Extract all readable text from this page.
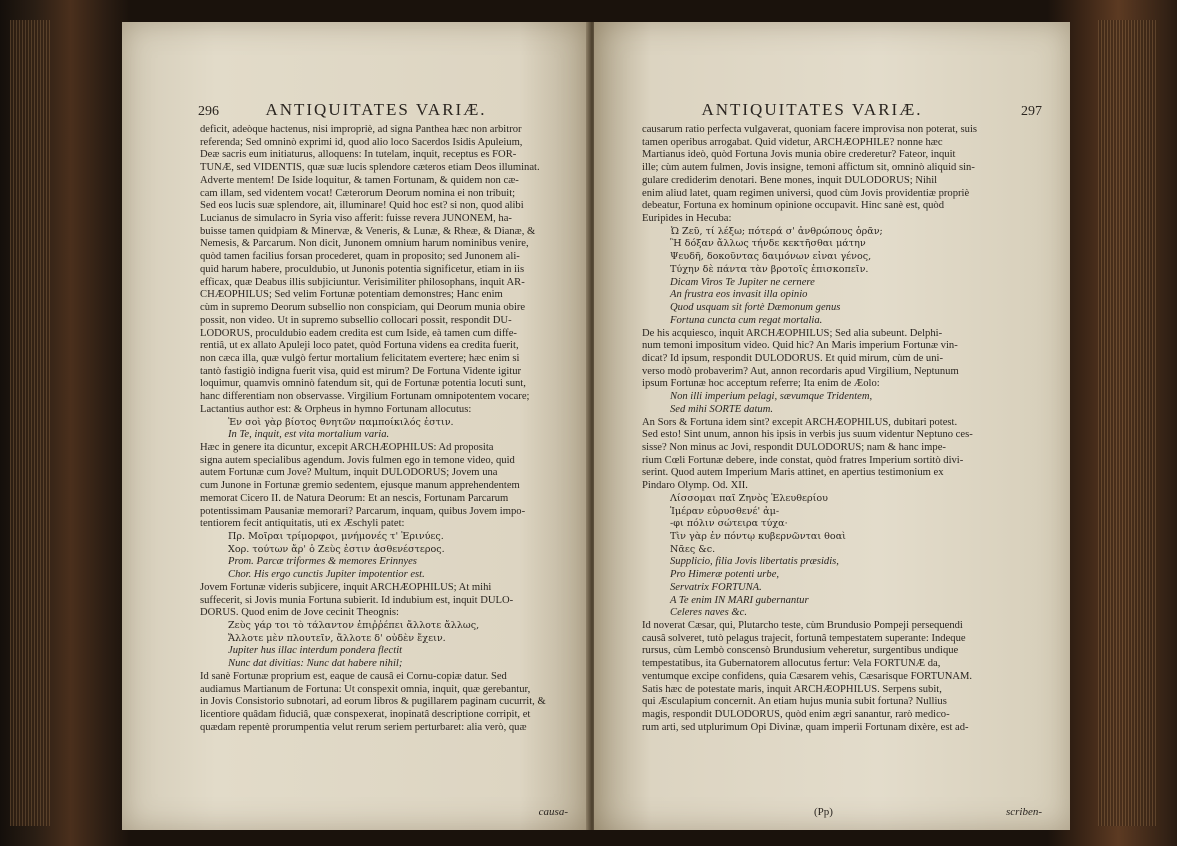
296	ANTIQUITATES VARIÆ.
deficit, adeòque hactenus, nisi impropriè, ad signa Panthea hæc non arbitror
referenda; Sed omninò exprimi id, quod alio loco Sacerdos Isidis Apuleium,
Deæ sacris eum initiaturus, alloquens: In tutelam, inquit, receptus es FOR-
TUNÆ, sed VIDENTIS, quæ suæ lucis splendore cæteros etiam Deos illuminat.
Adverte mentem! De Iside loquitur, & tamen Fortunam, & quidem non cæ-
cam illam, sed videntem vocat! Cæterorum Deorum nomina ei non tribuit;
Sed eos lucis suæ splendore, ait, illuminare! Quid hoc est? si non, quod alibi
Lucianus de simulacro in Syria viso afferit: fuisse revera JUNONEM, ha-
buisse tamen quidpiam & Minervæ, & Veneris, & Lunæ, & Rheæ, & Dianæ, &
Nemesis, & Parcarum. Non dicit, Junonem omnium harum nominibus venire,
quòd tamen facilius forsan procederet, quam in proposito; sed Junonem ali-
quid harum habere, proculdubio, ut Junonis potentia significetur, etiam in iis
efficax, quæ Deabus illis subjiciuntur. Verisimiliter philosophans, inquit AR-
CHÆOPHILUS; Sed velim Fortunæ potentiam demonstres; Hanc enim
cùm in supremo Deorum subsellio non conspiciam, qui Deorum munia obire
possit, non video. Ut in supremo subsellio collocari possit, respondit DU-
LODORUS, proculdubio eadem credita est cum Iside, eà tamen cum diffe-
rentiâ, ut ex allato Apuleji loco patet, quòd Fortuna videns ea credita fuerit,
non cæca illa, quæ vulgò fertur mortalium felicitatem evertere; hæc enim si
tantò fastigiò indigna fuerit visa, quid est mirum? De Fortuna Vidente igitur
loquimur, quamvis omninò fatendum sit, qui de Fortunæ potentia locuti sunt,
hanc differentiam non observasse. Virgilium Fortunam omnipotentem vocare;
Lactantius author est: & Orpheus in hymno Fortunam allocutus:
Ἐν σοὶ γὰρ βίοτος θνητῶν παμποίκιλός ἐστιν.
In Te, inquit, est vita mortalium varia.
Hæc in genere ita dicuntur, excepit ARCHÆOPHILUS: Ad proposita
signa autem specialibus agendum. Jovis fulmen ego in temone video, quid
autem Fortunæ cum Jove? Multum, inquit DULODORUS; Jovem una
cum Junone in Fortunæ gremio sedentem, ejusque manum apprehendentem
memorat Cicero II. de Natura Deorum: Et an nescis, Fortunam Parcarum
potentissimam Pausaniæ memorari? Parcarum, inquam, quibus Jovem impo-
tentiorem fecit antiquitatis, uti ex Æschyli patet:
Πρ. Μοῖραι τρίμορφοι, μνήμονές τ' Ἐρινύες.
Χορ. τούτων ἄρ' ὁ Ζεὺς ἐστιν ἀσθενέστερος.
Prom. Parcæ triformes & memores Erinnyes
Chor. His ergo cunctis Jupiter impotentior est.
Jovem Fortunæ videris subjicere, inquit ARCHÆOPHILUS; At mihi
suffecerit, si Jovis munia Fortuna subierit. Id indubium est, inquit DULO-
DORUS. Quod enim de Jove cecinit Theognis:
Ζεὺς γάρ τοι τὸ τάλαντον ἐπιῤῥέπει ἄλλοτε ἄλλως,
Ἄλλοτε μὲν πλουτεῖν, ἄλλοτε δ' οὐδὲν ἔχειν.
Jupiter hus illac interdum pondera flectit
Nunc dat divitias: Nunc dat habere nihil;
Id sanè Fortunæ proprium est, eaque de causâ ei Cornu-copiæ datur. Sed
audiamus Martianum de Fortuna: Ut conspexit omnia, inquit, quæ gerebantur,
in Jovis Consistorio subnotari, ad eorum libros & pugillarem paginam cucurrit, &
licentiore quâdam fiduciâ, quæ conspexerat, inopinatâ descriptione corripit, et
quædam repentè prorumpentia velut rerum seriem perturbaret: alia verò, quæ
causa-
ANTIQUITATES VARIÆ.	297
causarum ratio perfecta vulgaverat, quoniam facere improvisa non poterat, suis
tamen operibus arrogabat. Quid videtur, ARCHÆOPHILE? nonne hæc
Martianus ideò, quòd Fortuna Jovis munia obire crederetur? Fateor, inquit
ille; cùm autem fulmen, Jovis insigne, temoni affictum sit, omninò aliquid sin-
gulare crediderim denotari. Bene mones, inquit DULODORUS; Nihil
enim aliud latet, quam regimen universi, quod cùm Jovis providentiæ propriè
debeatur, Fortuna ex hominum opinione occupavit. Hinc sanè est, quòd
Euripides in Hecuba:
Ὦ Ζεῦ, τί λέξω; πότερά σ' ἀνθρώπους ὁρᾶν;
Ἢ δόξαν ἄλλως τήνδε κεκτῆσθαι μάτην
Ψευδῆ, δοκοῦντας δαιμόνων εἶναι γένος,
Τύχην δὲ πάντα τὰν βροτοῖς ἐπισκοπεῖν.
Dicam Viros Te Jupiter ne cernere
An frustra eos invasit illa opinio
Quod usquam sit fortè Dæmonum genus
Fortuna cuncta cum regat mortalia.
De his acquiesco, inquit ARCHÆOPHILUS; Sed alia subeunt. Delphi-
num temoni impositum video. Quid hic? An Maris imperium Fortunæ vin-
dicat? Id ipsum, respondit DULODORUS. Et quid mirum, cùm de uni-
verso modò probaverim? Aut, annon recordaris apud Virgilium, Neptunum
ipsum Fortunæ hoc acceptum referre; Ita enim de Æolo:
Non illi imperium pelagi, sævumque Tridentem,
Sed mihi SORTE datum.
An Sors & Fortuna idem sint? excepit ARCHÆOPHILUS, dubitari potest.
Sed esto! Sint unum, annon his ipsis in verbis jus suum videntur Neptuno ces-
sisse? Non minus ac Jovi, respondit DULODORUS; nam & hanc impe-
rium Cœli Fortunæ debere, inde constat, quòd fratres Imperium sortitò divi-
serint. Quod autem Imperium Maris attinet, en apertius testimonium ex
Pindaro Olymp. Od. XII.
Λίσσομαι παῖ Ζηνὸς Ἐλευθερίου
Ἱμέραν εὐρυσθενέ' ἀμ-
-φι πόλιν σώτειρα τύχα·
Τὶν γὰρ ἐν πόντῳ κυβερνῶνται θοαὶ
Νᾶες &c.
Supplicio, filia Jovis libertatis præsidis,
Pro Himeræ potenti urbe,
Servatrix FORTUNA.
A Te enim IN MARI gubernantur
Celeres naves &c.
Id noverat Cæsar, qui, Plutarcho teste, cùm Brundusio Pompeji persequendi
causâ solveret, tutò pelagus trajecit, fortunâ tempestatem superante: Indeque
rursus, cùm Lembò conscensò Brundusium veheretur, surgentibus undique
tempestatibus, ita Gubernatorem allocutus fertur: Vela FORTUNÆ da,
ventumque excipe confidens, quia Cæsarem vehis, Cæsarisque FORTUNAM.
Satis hæc de potestate maris, inquit ARCHÆOPHILUS. Serpens subit,
qui Æsculapium concernit. An etiam hujus munia subit fortuna? Nullius
magis, respondit DULODORUS, quòd enim ægri sanantur, rarò medico-
rum arti, sed utplurimum Opi Divinæ, quam imperii Fortunam dixère, est ad-
(Pp)	scriben-
